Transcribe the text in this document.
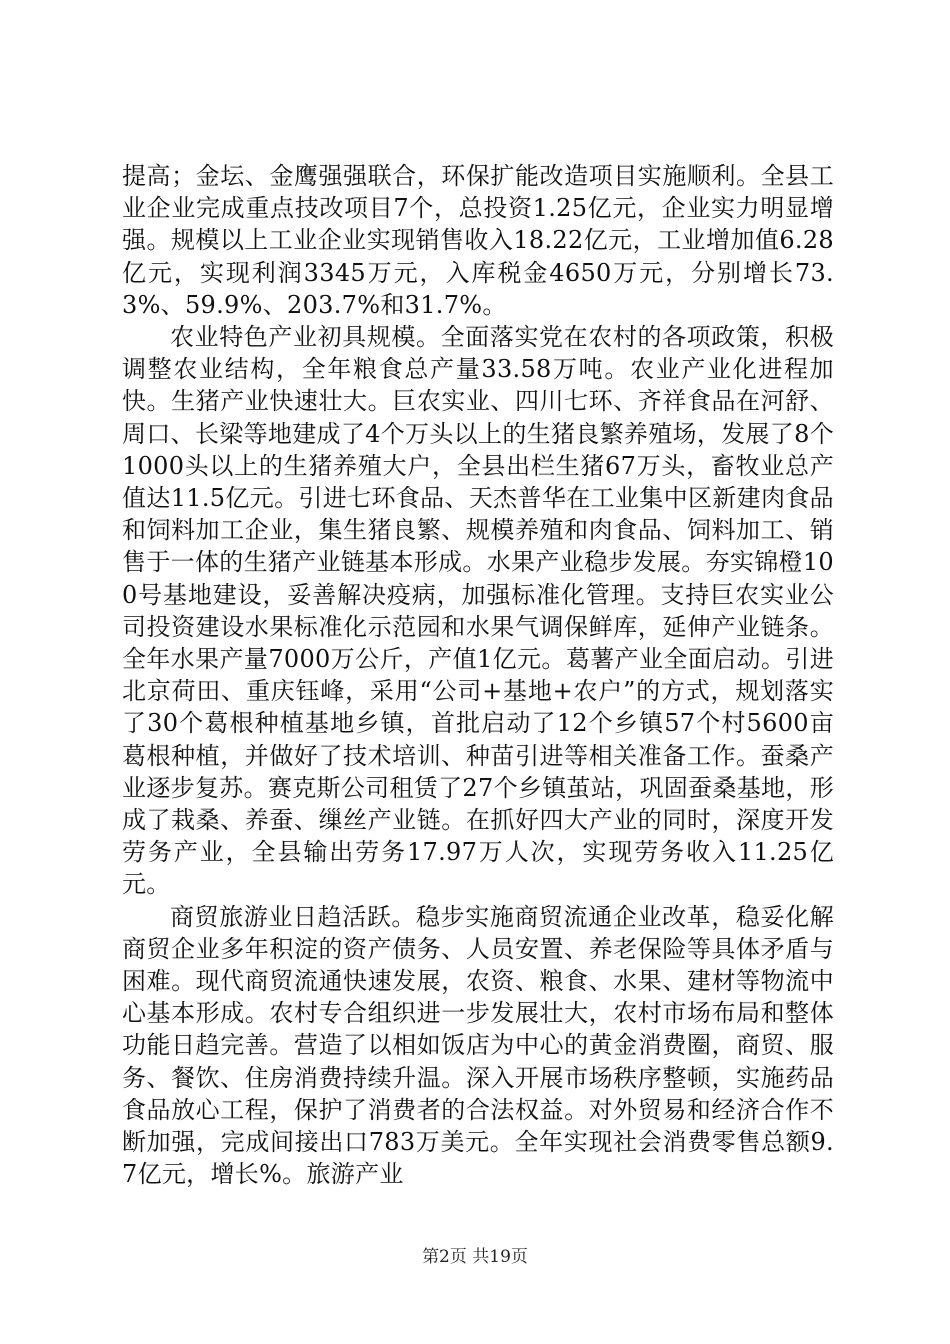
提高；金坛、金鹰强强联合，环保扩能改造项目实施顺利。全县工业企业完成重点技改项目7个，总投资1.25亿元，企业实力明显增强。规模以上工业企业实现销售收入18.22亿元，工业增加值6.28亿元，实现利润3345万元，入库税金4650万元，分别增长73.3%、59.9%、203.7%和31.7%。

农业特色产业初具规模。全面落实党在农村的各项政策，积极调整农业结构，全年粮食总产量33.58万吨。农业产业化进程加快。生猪产业快速壮大。巨农实业、四川七环、齐祥食品在河舒、周口、长梁等地建成了4个万头以上的生猪良繁养殖场，发展了8个1000头以上的生猪养殖大户，全县出栏生猪67万头，畜牧业总产值达11.5亿元。引进七环食品、天杰普华在工业集中区新建肉食品和饲料加工企业，集生猪良繁、规模养殖和肉食品、饲料加工、销售于一体的生猪产业链基本形成。水果产业稳步发展。夯实锦橙100号基地建设，妥善解决疫病，加强标准化管理。支持巨农实业公司投资建设水果标准化示范园和水果气调保鲜库，延伸产业链条。全年水果产量7000万公斤，产值1亿元。葛薯产业全面启动。引进北京荷田、重庆钰峰，采用“公司+基地+农户”的方式，规划落实了30个葛根种植基地乡镇，首批启动了12个乡镇57个村5600亩葛根种植，并做好了技术培训、种苗引进等相关准备工作。蚕桑产业逐步复苏。赛克斯公司租赁了27个乡镇茧站，巩固蚕桑基地，形成了栽桑、养蚕、缫丝产业链。在抓好四大产业的同时，深度开发劳务产业，全县输出劳务17.97万人次，实现劳务收入11.25亿元。

商贸旅游业日趋活跃。稳步实施商贸流通企业改革，稳妥化解商贸企业多年积淀的资产债务、人员安置、养老保险等具体矛盾与困难。现代商贸流通快速发展，农资、粮食、水果、建材等物流中心基本形成。农村专合组织进一步发展壮大，农村市场布局和整体功能日趋完善。营造了以相如饭店为中心的黄金消费圈，商贸、服务、餐饮、住房消费持续升温。深入开展市场秩序整顿，实施药品食品放心工程，保护了消费者的合法权益。对外贸易和经济合作不断加强，完成间接出口783万美元。全年实现社会消费零售总额9.7亿元，增长%。旅游产业

第2页 共19页
